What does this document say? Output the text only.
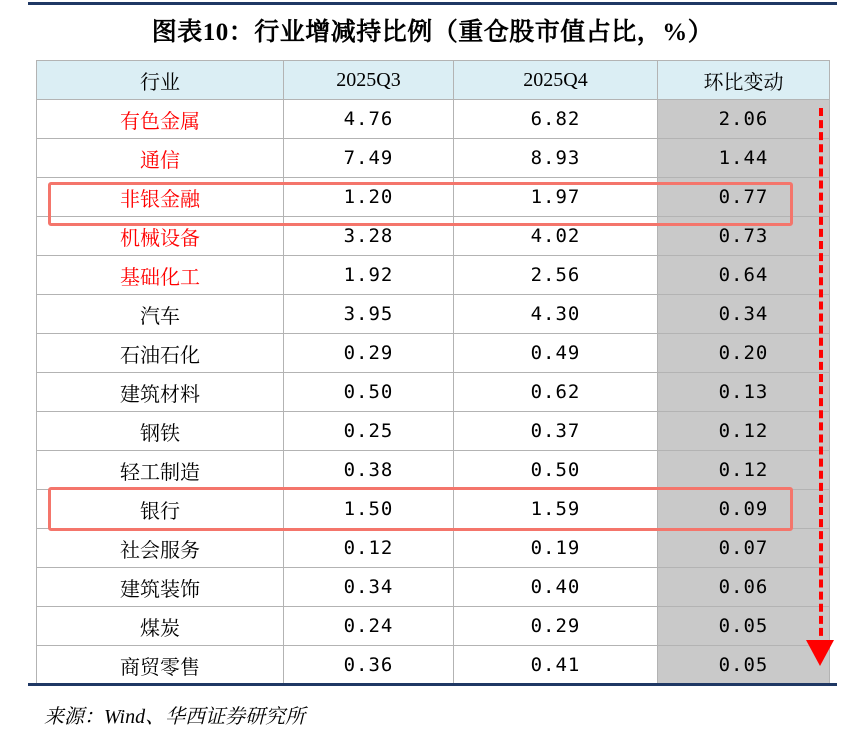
图表10：行业增减持比例（重仓股市值占比，%）
行业	2025Q3	2025Q4	环比变动
有色金属	4.76	6.82	2.06
通信	7.49	8.93	1.44
非银金融	1.20	1.97	0.77
机械设备	3.28	4.02	0.73
基础化工	1.92	2.56	0.64
汽车	3.95	4.30	0.34
石油石化	0.29	0.49	0.20
建筑材料	0.50	0.62	0.13
钢铁	0.25	0.37	0.12
轻工制造	0.38	0.50	0.12
银行	1.50	1.59	0.09
社会服务	0.12	0.19	0.07
建筑装饰	0.34	0.40	0.06
煤炭	0.24	0.29	0.05
商贸零售	0.36	0.41	0.05
来源：Wind、华西证券研究所
